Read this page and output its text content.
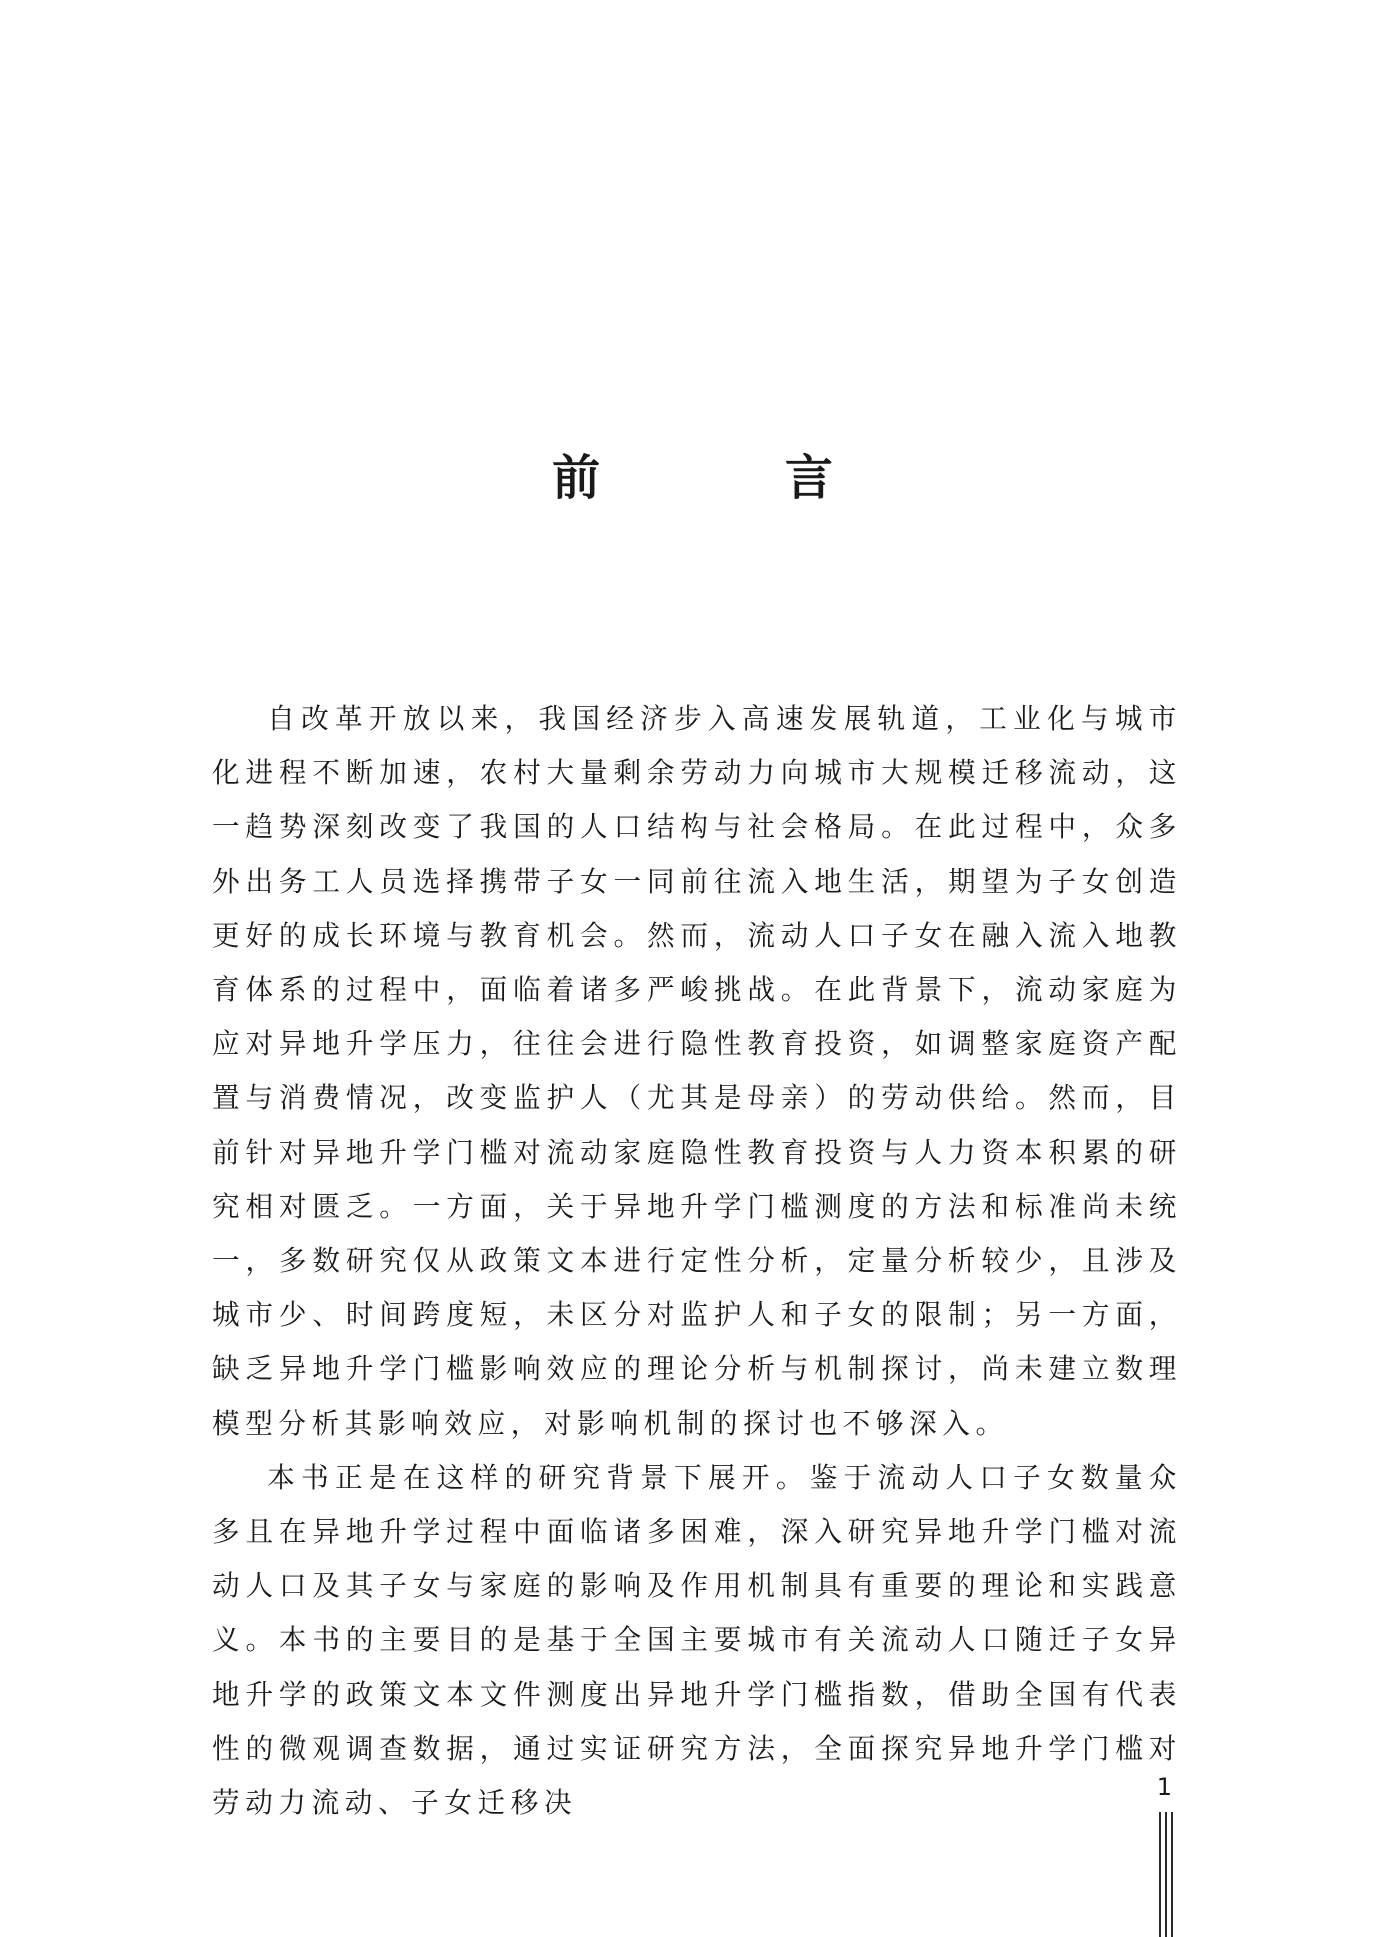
前 言

自改革开放以来，我国经济步入高速发展轨道，工业化与城市化进程不断加速，农村大量剩余劳动力向城市大规模迁移流动，这一趋势深刻改变了我国的人口结构与社会格局。在此过程中，众多外出务工人员选择携带子女一同前往流入地生活，期望为子女创造更好的成长环境与教育机会。然而，流动人口子女在融入流入地教育体系的过程中，面临着诸多严峻挑战。在此背景下，流动家庭为应对异地升学压力，往往会进行隐性教育投资，如调整家庭资产配置与消费情况，改变监护人（尤其是母亲）的劳动供给。然而，目前针对异地升学门槛对流动家庭隐性教育投资与人力资本积累的研究相对匮乏。一方面，关于异地升学门槛测度的方法和标准尚未统一，多数研究仅从政策文本进行定性分析，定量分析较少，且涉及城市少、时间跨度短，未区分对监护人和子女的限制；另一方面，缺乏异地升学门槛影响效应的理论分析与机制探讨，尚未建立数理模型分析其影响效应，对影响机制的探讨也不够深入。

本书正是在这样的研究背景下展开。鉴于流动人口子女数量众多且在异地升学过程中面临诸多困难，深入研究异地升学门槛对流动人口及其子女与家庭的影响及作用机制具有重要的理论和实践意义。本书的主要目的是基于全国主要城市有关流动人口随迁子女异地升学的政策文本文件测度出异地升学门槛指数，借助全国有代表性的微观调查数据，通过实证研究方法，全面探究异地升学门槛对劳动力流动、子女迁移决	1
